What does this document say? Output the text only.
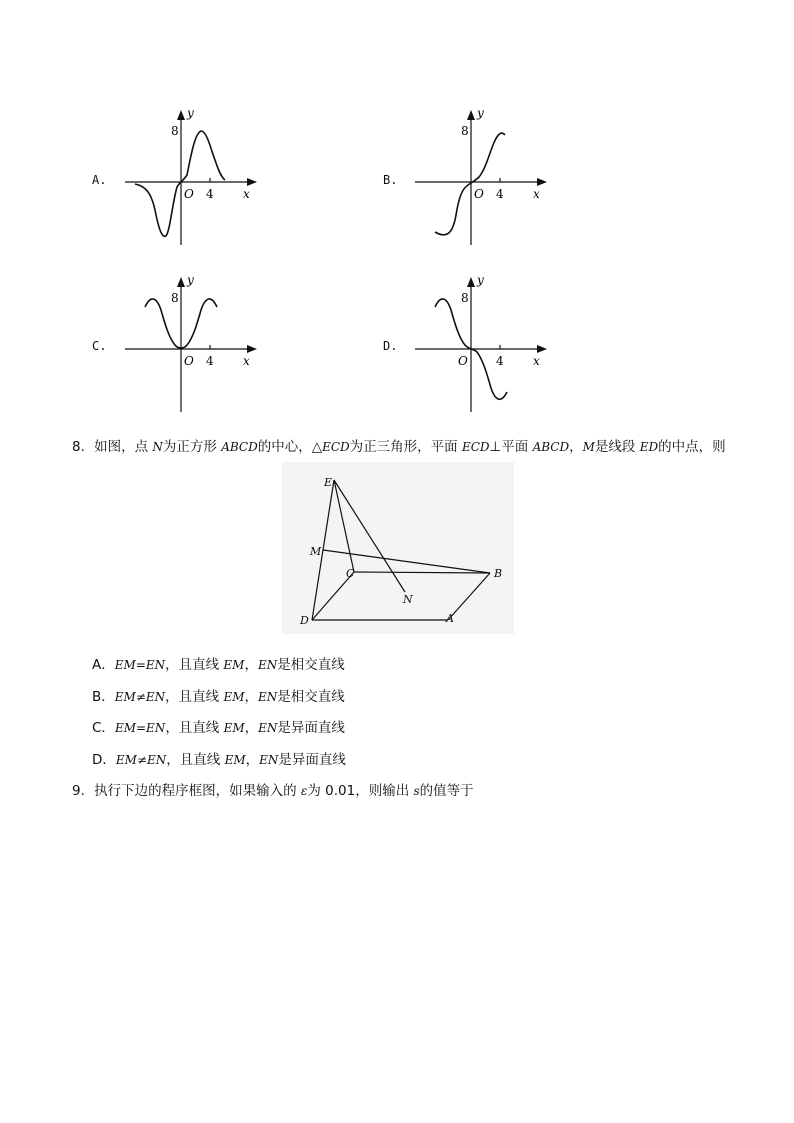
A.
y
8
O 4 x
B.
y
8
O 4 x
C.
y
8
O 4 x
D.
y
8
O 4 x
8．如图，点 N为正方形 ABCD的中心，△ECD为正三角形，平面 ECD⊥平面 ABCD，M是线段 ED的中点，则
E
M
C	B
N
D	A
A．EM=EN，且直线 EM，EN是相交直线
B．EM≠EN，且直线 EM，EN是相交直线
C．EM=EN，且直线 EM，EN是异面直线
D．EM≠EN，且直线 EM，EN是异面直线
9．执行下边的程序框图，如果输入的 ε为 0.01，则输出 s的值等于
